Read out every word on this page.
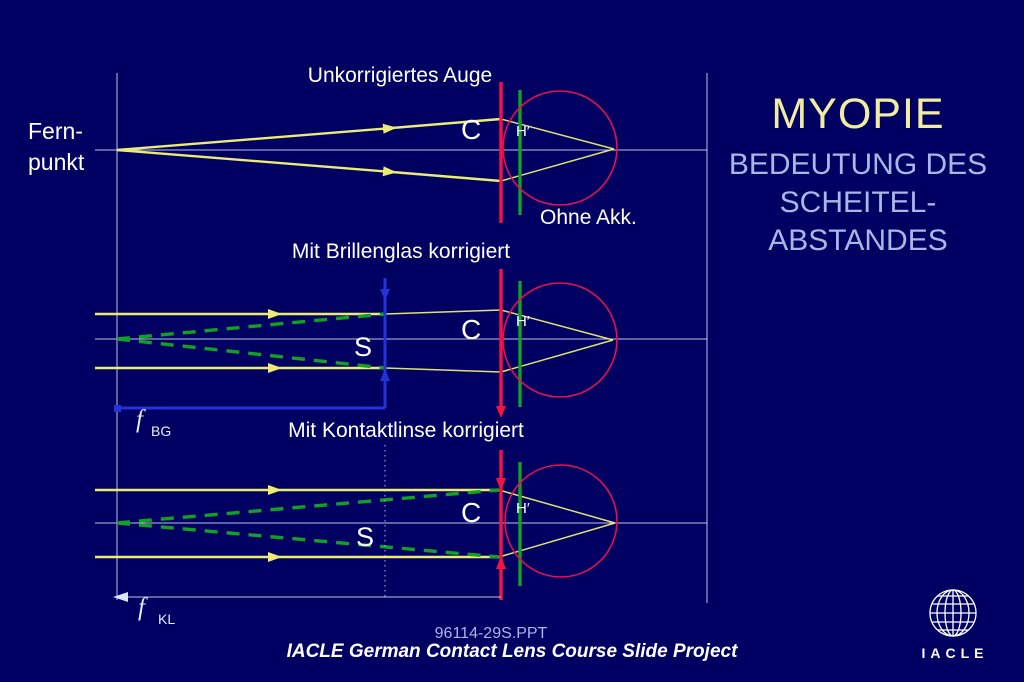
Fern-
punkt
Unkorrigiertes Auge
C H′
Ohne Akk.
Mit Brillenglas korrigiert
S
C H′
f BG	Mit Kontaktlinse korrigiert
S
C H′
f KL
MYOPIE
BEDEUTUNG DES
SCHEITEL-
ABSTANDES
96114-29S.PPT
IACLE German Contact Lens Course Slide Project	IACLE
